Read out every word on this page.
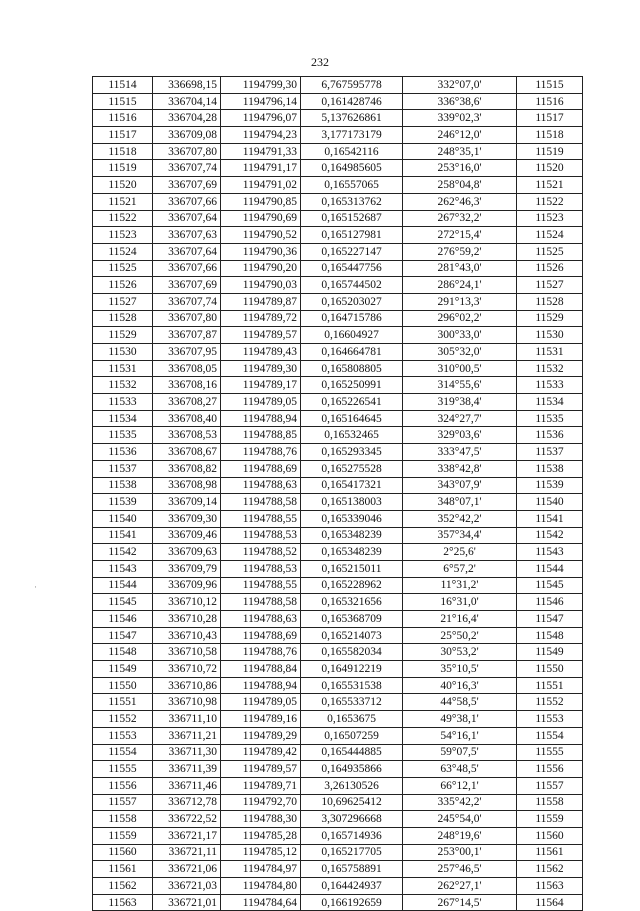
232
·
11514	336698,15	1194799,30	6,767595778	332°07,0'	11515
11515	336704,14	1194796,14	0,161428746	336°38,6'	11516
11516	336704,28	1194796,07	5,137626861	339°02,3'	11517
11517	336709,08	1194794,23	3,177173179	246°12,0'	11518
11518	336707,80	1194791,33	0,16542116	248°35,1'	11519
11519	336707,74	1194791,17	0,164985605	253°16,0'	11520
11520	336707,69	1194791,02	0,16557065	258°04,8'	11521
11521	336707,66	1194790,85	0,165313762	262°46,3'	11522
11522	336707,64	1194790,69	0,165152687	267°32,2'	11523
11523	336707,63	1194790,52	0,165127981	272°15,4'	11524
11524	336707,64	1194790,36	0,165227147	276°59,2'	11525
11525	336707,66	1194790,20	0,165447756	281°43,0'	11526
11526	336707,69	1194790,03	0,165744502	286°24,1'	11527
11527	336707,74	1194789,87	0,165203027	291°13,3'	11528
11528	336707,80	1194789,72	0,164715786	296°02,2'	11529
11529	336707,87	1194789,57	0,16604927	300°33,0'	11530
11530	336707,95	1194789,43	0,164664781	305°32,0'	11531
11531	336708,05	1194789,30	0,165808805	310°00,5'	11532
11532	336708,16	1194789,17	0,165250991	314°55,6'	11533
11533	336708,27	1194789,05	0,165226541	319°38,4'	11534
11534	336708,40	1194788,94	0,165164645	324°27,7'	11535
11535	336708,53	1194788,85	0,16532465	329°03,6'	11536
11536	336708,67	1194788,76	0,165293345	333°47,5'	11537
11537	336708,82	1194788,69	0,165275528	338°42,8'	11538
11538	336708,98	1194788,63	0,165417321	343°07,9'	11539
11539	336709,14	1194788,58	0,165138003	348°07,1'	11540
11540	336709,30	1194788,55	0,165339046	352°42,2'	11541
11541	336709,46	1194788,53	0,165348239	357°34,4'	11542
11542	336709,63	1194788,52	0,165348239	2°25,6'	11543
11543	336709,79	1194788,53	0,165215011	6°57,2'	11544
11544	336709,96	1194788,55	0,165228962	11°31,2'	11545
11545	336710,12	1194788,58	0,165321656	16°31,0'	11546
11546	336710,28	1194788,63	0,165368709	21°16,4'	11547
11547	336710,43	1194788,69	0,165214073	25°50,2'	11548
11548	336710,58	1194788,76	0,165582034	30°53,2'	11549
11549	336710,72	1194788,84	0,164912219	35°10,5'	11550
11550	336710,86	1194788,94	0,165531538	40°16,3'	11551
11551	336710,98	1194789,05	0,165533712	44°58,5'	11552
11552	336711,10	1194789,16	0,1653675	49°38,1'	11553
11553	336711,21	1194789,29	0,16507259	54°16,1'	11554
11554	336711,30	1194789,42	0,165444885	59°07,5'	11555
11555	336711,39	1194789,57	0,164935866	63°48,5'	11556
11556	336711,46	1194789,71	3,26130526	66°12,1'	11557
11557	336712,78	1194792,70	10,69625412	335°42,2'	11558
11558	336722,52	1194788,30	3,307296668	245°54,0'	11559
11559	336721,17	1194785,28	0,165714936	248°19,6'	11560
11560	336721,11	1194785,12	0,165217705	253°00,1'	11561
11561	336721,06	1194784,97	0,165758891	257°46,5'	11562
11562	336721,03	1194784,80	0,164424937	262°27,1'	11563
11563	336721,01	1194784,64	0,166192659	267°14,5'	11564
